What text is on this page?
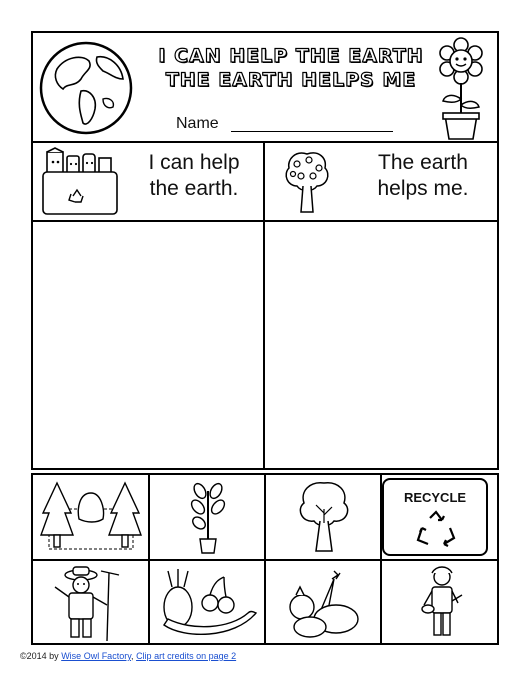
I CAN HELP THE EARTH
THE EARTH HELPS ME
Name
I can help the earth.
The earth helps me.
RECYCLE
©2014 by Wise Owl Factory, Clip art credits on page 2
